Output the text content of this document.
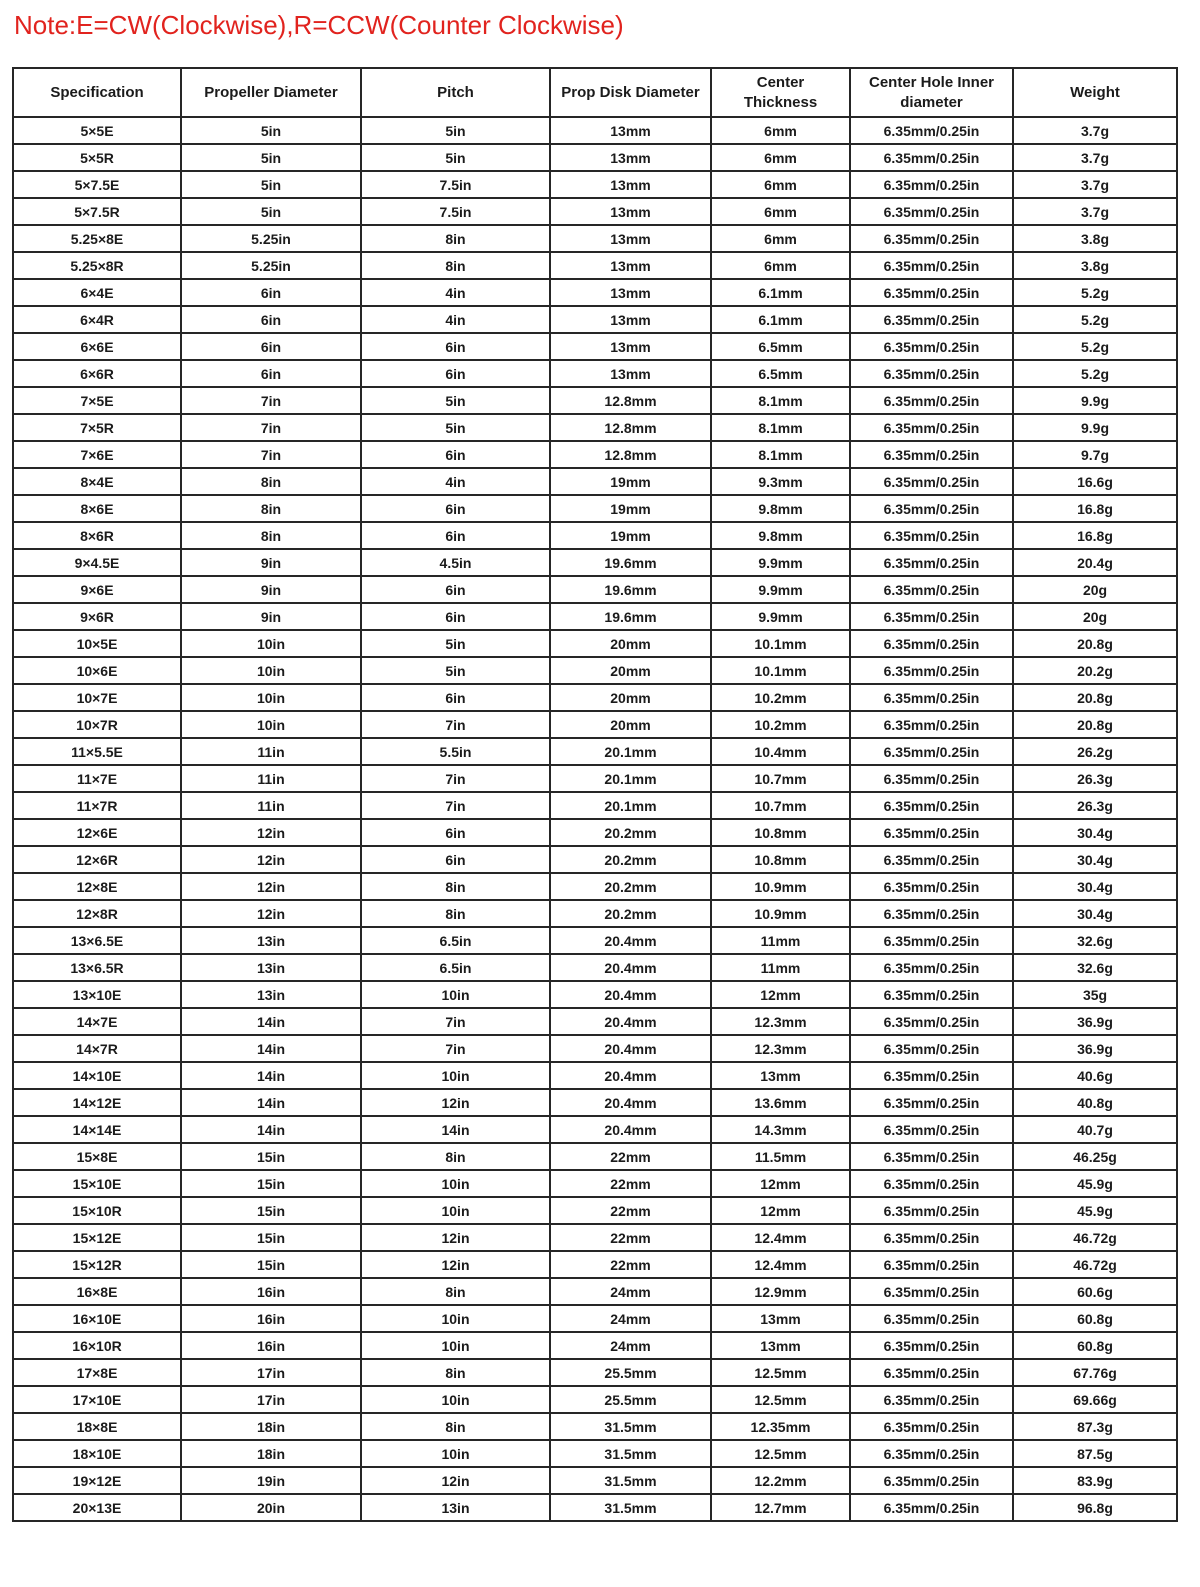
Note:E=CW(Clockwise),R=CCW(Counter Clockwise)
Specification	Propeller Diameter	Pitch	Prop Disk Diameter	Center Thickness	Center Hole Inner diameter	Weight
5×5E	5in	5in	13mm	6mm	6.35mm/0.25in	3.7g
5×5R	5in	5in	13mm	6mm	6.35mm/0.25in	3.7g
5×7.5E	5in	7.5in	13mm	6mm	6.35mm/0.25in	3.7g
5×7.5R	5in	7.5in	13mm	6mm	6.35mm/0.25in	3.7g
5.25×8E	5.25in	8in	13mm	6mm	6.35mm/0.25in	3.8g
5.25×8R	5.25in	8in	13mm	6mm	6.35mm/0.25in	3.8g
6×4E	6in	4in	13mm	6.1mm	6.35mm/0.25in	5.2g
6×4R	6in	4in	13mm	6.1mm	6.35mm/0.25in	5.2g
6×6E	6in	6in	13mm	6.5mm	6.35mm/0.25in	5.2g
6×6R	6in	6in	13mm	6.5mm	6.35mm/0.25in	5.2g
7×5E	7in	5in	12.8mm	8.1mm	6.35mm/0.25in	9.9g
7×5R	7in	5in	12.8mm	8.1mm	6.35mm/0.25in	9.9g
7×6E	7in	6in	12.8mm	8.1mm	6.35mm/0.25in	9.7g
8×4E	8in	4in	19mm	9.3mm	6.35mm/0.25in	16.6g
8×6E	8in	6in	19mm	9.8mm	6.35mm/0.25in	16.8g
8×6R	8in	6in	19mm	9.8mm	6.35mm/0.25in	16.8g
9×4.5E	9in	4.5in	19.6mm	9.9mm	6.35mm/0.25in	20.4g
9×6E	9in	6in	19.6mm	9.9mm	6.35mm/0.25in	20g
9×6R	9in	6in	19.6mm	9.9mm	6.35mm/0.25in	20g
10×5E	10in	5in	20mm	10.1mm	6.35mm/0.25in	20.8g
10×6E	10in	5in	20mm	10.1mm	6.35mm/0.25in	20.2g
10×7E	10in	6in	20mm	10.2mm	6.35mm/0.25in	20.8g
10×7R	10in	7in	20mm	10.2mm	6.35mm/0.25in	20.8g
11×5.5E	11in	5.5in	20.1mm	10.4mm	6.35mm/0.25in	26.2g
11×7E	11in	7in	20.1mm	10.7mm	6.35mm/0.25in	26.3g
11×7R	11in	7in	20.1mm	10.7mm	6.35mm/0.25in	26.3g
12×6E	12in	6in	20.2mm	10.8mm	6.35mm/0.25in	30.4g
12×6R	12in	6in	20.2mm	10.8mm	6.35mm/0.25in	30.4g
12×8E	12in	8in	20.2mm	10.9mm	6.35mm/0.25in	30.4g
12×8R	12in	8in	20.2mm	10.9mm	6.35mm/0.25in	30.4g
13×6.5E	13in	6.5in	20.4mm	11mm	6.35mm/0.25in	32.6g
13×6.5R	13in	6.5in	20.4mm	11mm	6.35mm/0.25in	32.6g
13×10E	13in	10in	20.4mm	12mm	6.35mm/0.25in	35g
14×7E	14in	7in	20.4mm	12.3mm	6.35mm/0.25in	36.9g
14×7R	14in	7in	20.4mm	12.3mm	6.35mm/0.25in	36.9g
14×10E	14in	10in	20.4mm	13mm	6.35mm/0.25in	40.6g
14×12E	14in	12in	20.4mm	13.6mm	6.35mm/0.25in	40.8g
14×14E	14in	14in	20.4mm	14.3mm	6.35mm/0.25in	40.7g
15×8E	15in	8in	22mm	11.5mm	6.35mm/0.25in	46.25g
15×10E	15in	10in	22mm	12mm	6.35mm/0.25in	45.9g
15×10R	15in	10in	22mm	12mm	6.35mm/0.25in	45.9g
15×12E	15in	12in	22mm	12.4mm	6.35mm/0.25in	46.72g
15×12R	15in	12in	22mm	12.4mm	6.35mm/0.25in	46.72g
16×8E	16in	8in	24mm	12.9mm	6.35mm/0.25in	60.6g
16×10E	16in	10in	24mm	13mm	6.35mm/0.25in	60.8g
16×10R	16in	10in	24mm	13mm	6.35mm/0.25in	60.8g
17×8E	17in	8in	25.5mm	12.5mm	6.35mm/0.25in	67.76g
17×10E	17in	10in	25.5mm	12.5mm	6.35mm/0.25in	69.66g
18×8E	18in	8in	31.5mm	12.35mm	6.35mm/0.25in	87.3g
18×10E	18in	10in	31.5mm	12.5mm	6.35mm/0.25in	87.5g
19×12E	19in	12in	31.5mm	12.2mm	6.35mm/0.25in	83.9g
20×13E	20in	13in	31.5mm	12.7mm	6.35mm/0.25in	96.8g
